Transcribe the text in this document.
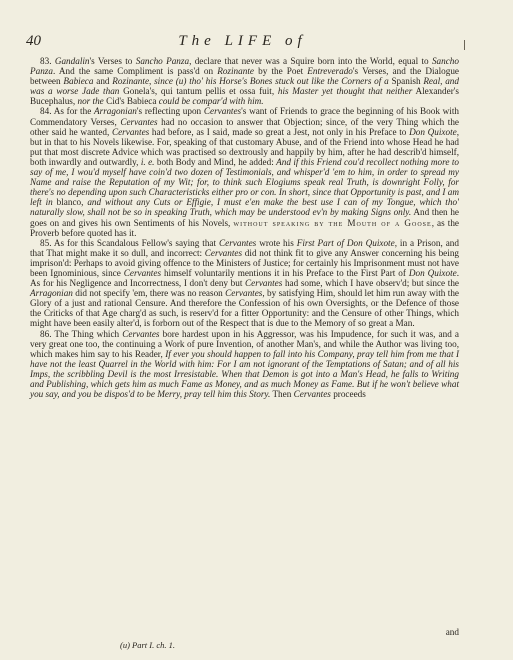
40	The LIFE of

83. Gandalin's Verses to Sancho Panza, declare that never was a Squire born into the World, equal to Sancho Panza. And the same Compliment is pass'd on Rozinante by the Poet Entreverado's Verses, and the Dialogue between Babieca and Rozinante, since (u) tho' his Horse's Bones stuck out like the Corners of a Spanish Real, and was a worse Jade than Gonela's, qui tantum pellis et ossa fuit, his Master yet thought that neither Alexander's Bucephalus, nor the Cid's Babieca could be compar'd with him.

84. As for the Arragonian's reflecting upon Cervantes's want of Friends to grace the beginning of his Book with Commendatory Verses, Cervantes had no occasion to answer that Objection; since, of the very Thing which the other said he wanted, Cervantes had before, as I said, made so great a Jest, not only in his Preface to Don Quixote, but in that to his Novels likewise. For, speaking of that customary Abuse, and of the Friend into whose Head he had put that most discrete Advice which was practised so dextrously and happily by him, after he had describ'd himself, both inwardly and outwardly, i. e. both Body and Mind, he added: And if this Friend cou'd recollect nothing more to say of me, I wou'd myself have coin'd two dozen of Testimonials, and whisper'd 'em to him, in order to spread my Name and raise the Reputation of my Wit; for, to think such Elogiums speak real Truth, is downright Folly, for there's no depending upon such Characteristicks either pro or con. In short, since that Opportunity is past, and I am left in blanco, and without any Cuts or Effigie, I must e'en make the best use I can of my Tongue, which tho' naturally slow, shall not be so in speaking Truth, which may be understood ev'n by making Signs only. And then he goes on and gives his own Sentiments of his Novels, without speaking by the Mouth of a Goose, as the Proverb before quoted has it.

85. As for this Scandalous Fellow's saying that Cervantes wrote his First Part of Don Quixote, in a Prison, and that That might make it so dull, and incorrect: Cervantes did not think fit to give any Answer concerning his being imprison'd: Perhaps to avoid giving offence to the Ministers of Justice; for certainly his Imprisonment must not have been Ignominious, since Cervantes himself voluntarily mentions it in his Preface to the First Part of Don Quixote. As for his Negligence and Incorrectness, I don't deny but Cervantes had some, which I have observ'd; but since the Arragonian did not specify 'em, there was no reason Cervantes, by satisfying Him, should let him run away with the Glory of a just and rational Censure. And therefore the Confession of his own Oversights, or the Defence of those the Criticks of that Age charg'd as such, is reserv'd for a fitter Opportunity: and the Censure of other Things, which might have been easily alter'd, is forborn out of the Respect that is due to the Memory of so great a Man.

86. The Thing which Cervantes bore hardest upon in his Aggressor, was his Impudence, for such it was, and a very great one too, the continuing a Work of pure Invention, of another Man's, and while the Author was living too, which makes him say to his Reader, If ever you should happen to fall into his Company, pray tell him from me that I have not the least Quarrel in the World with him: For I am not ignorant of the Temptations of Satan; and of all his Imps, the scribbling Devil is the most Irresistable. When that Demon is got into a Man's Head, he falls to Writing and Publishing, which gets him as much Fame as Money, and as much Money as Fame. But if he won't believe what you say, and you be dispos'd to be Merry, pray tell him this Story. Then Cervantes proceeds

and
(u) Part I. ch. 1.
